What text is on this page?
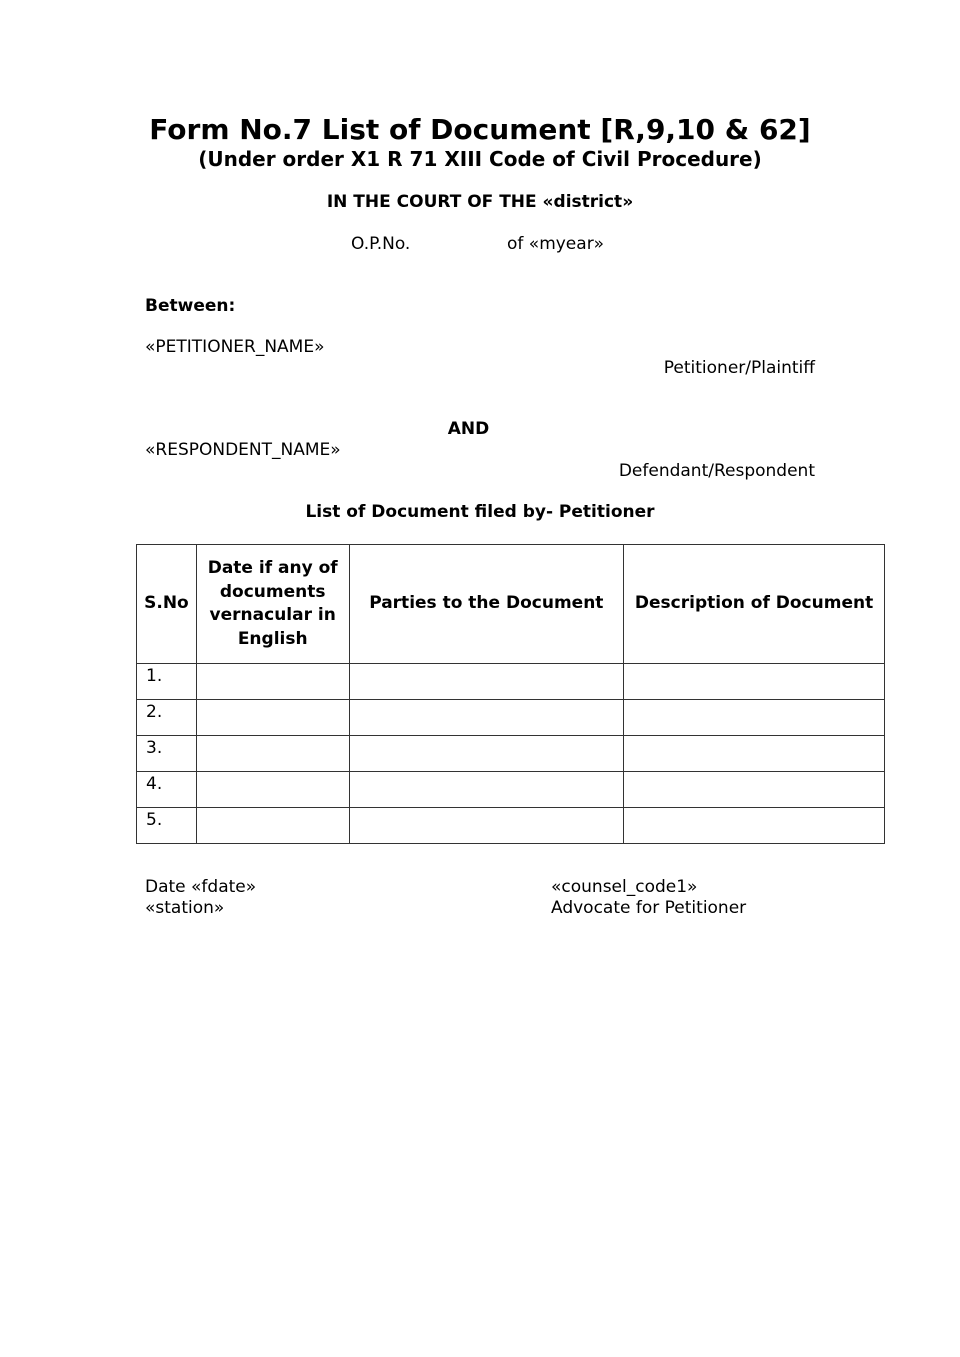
Form No.7 List of Document [R,9,10 & 62]
(Under order X1 R 71 XIII Code of Civil Procedure)
IN THE COURT OF THE «district»
O.P.No.	of «myear»
Between:
«PETITIONER_NAME»
Petitioner/Plaintiff
AND
«RESPONDENT_NAME»
Defendant/Respondent
List of Document filed by- Petitioner
S.No	Date if any of documents vernacular in English	Parties to the Document	Description of Document
1.			
2.			
3.			
4.			
5.			
Date «fdate»
«station»
«counsel_code1»
Advocate for Petitioner
